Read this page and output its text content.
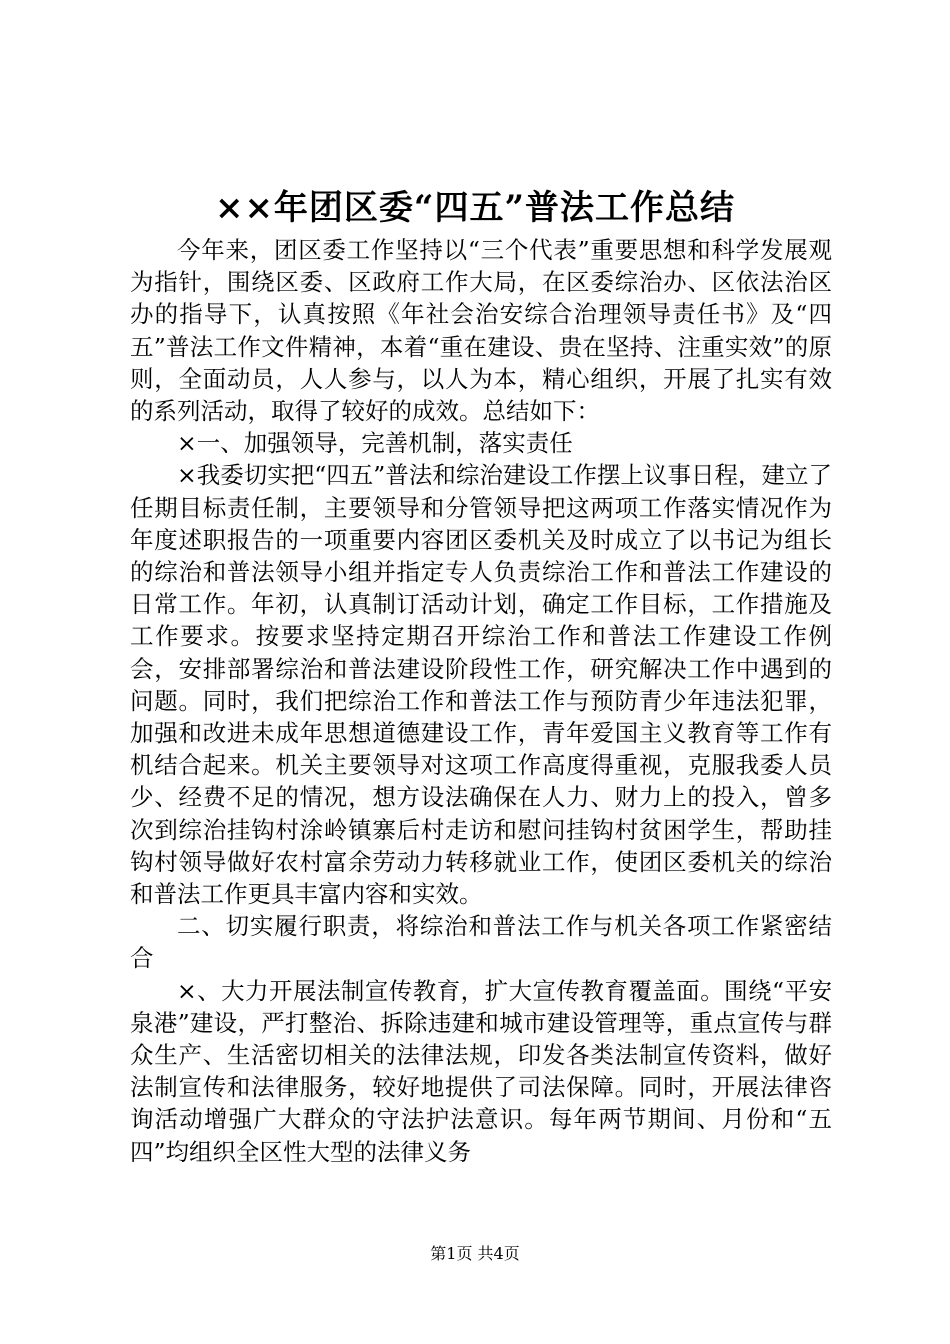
××年团区委“四五”普法工作总结

今年来，团区委工作坚持以“三个代表”重要思想和科学发展观为指针，围绕区委、区政府工作大局，在区委综治办、区依法治区办的指导下，认真按照《年社会治安综合治理领导责任书》及“四五”普法工作文件精神，本着“重在建设、贵在坚持、注重实效”的原则，全面动员，人人参与，以人为本，精心组织，开展了扎实有效的系列活动，取得了较好的成效。总结如下：

×一、加强领导，完善机制，落实责任

×我委切实把“四五”普法和综治建设工作摆上议事日程，建立了任期目标责任制，主要领导和分管领导把这两项工作落实情况作为年度述职报告的一项重要内容团区委机关及时成立了以书记为组长的综治和普法领导小组并指定专人负责综治工作和普法工作建设的日常工作。年初，认真制订活动计划，确定工作目标，工作措施及工作要求。按要求坚持定期召开综治工作和普法工作建设工作例会，安排部署综治和普法建设阶段性工作，研究解决工作中遇到的问题。同时，我们把综治工作和普法工作与预防青少年违法犯罪，加强和改进未成年思想道德建设工作，青年爱国主义教育等工作有机结合起来。机关主要领导对这项工作高度得重视，克服我委人员少、经费不足的情况，想方设法确保在人力、财力上的投入，曾多次到综治挂钩村涂岭镇寨后村走访和慰问挂钩村贫困学生，帮助挂钩村领导做好农村富余劳动力转移就业工作，使团区委机关的综治和普法工作更具丰富内容和实效。

二、切实履行职责，将综治和普法工作与机关各项工作紧密结合

×、大力开展法制宣传教育，扩大宣传教育覆盖面。围绕“平安泉港”建设，严打整治、拆除违建和城市建设管理等，重点宣传与群众生产、生活密切相关的法律法规，印发各类法制宣传资料，做好法制宣传和法律服务，较好地提供了司法保障。同时，开展法律咨询活动增强广大群众的守法护法意识。每年两节期间、月份和“五四”均组织全区性大型的法律义务

第1页 共4页
